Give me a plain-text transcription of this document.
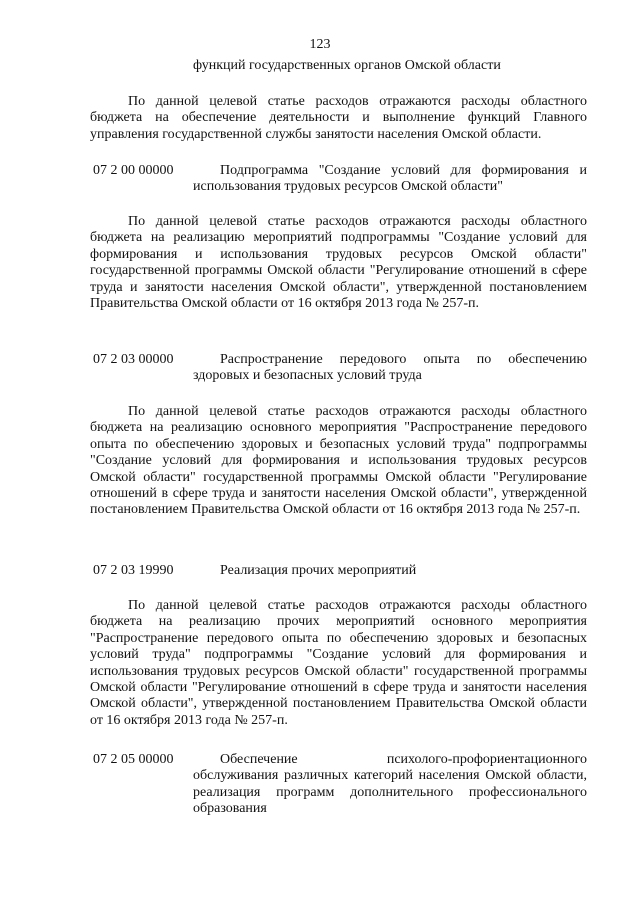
123
функций государственных органов Омской области

По данной целевой статье расходов отражаются расходы областного бюджета на обеспечение деятельности и выполнение функций Главного управления государственной службы занятости населения Омской области.

07 2 00 00000	Подпрограмма "Создание условий для формирования и использования трудовых ресурсов Омской области"

По данной целевой статье расходов отражаются расходы областного бюджета на реализацию мероприятий подпрограммы "Создание условий для формирования и использования трудовых ресурсов Омской области" государственной программы Омской области "Регулирование отношений в сфере труда и занятости населения Омской области", утвержденной постановлением Правительства Омской области от 16 октября 2013 года № 257-п.

07 2 03 00000	Распространение передового опыта по обеспечению здоровых и безопасных условий труда

По данной целевой статье расходов отражаются расходы областного бюджета на реализацию основного мероприятия "Распространение передового опыта по обеспечению здоровых и безопасных условий труда" подпрограммы "Создание условий для формирования и использования трудовых ресурсов Омской области" государственной программы Омской области "Регулирование отношений в сфере труда и занятости населения Омской области", утвержденной постановлением Правительства Омской области от 16 октября 2013 года № 257-п.

07 2 03 19990	Реализация прочих мероприятий

По данной целевой статье расходов отражаются расходы областного бюджета на реализацию прочих мероприятий основного мероприятия "Распространение передового опыта по обеспечению здоровых и безопасных условий труда" подпрограммы "Создание условий для формирования и использования трудовых ресурсов Омской области" государственной программы Омской области "Регулирование отношений в сфере труда и занятости населения Омской области", утвержденной постановлением Правительства Омской области от 16 октября 2013 года № 257-п.

07 2 05 00000	Обеспечение психолого-профориентационного обслуживания различных категорий населения Омской области, реализация программ дополнительного профессионального образования
